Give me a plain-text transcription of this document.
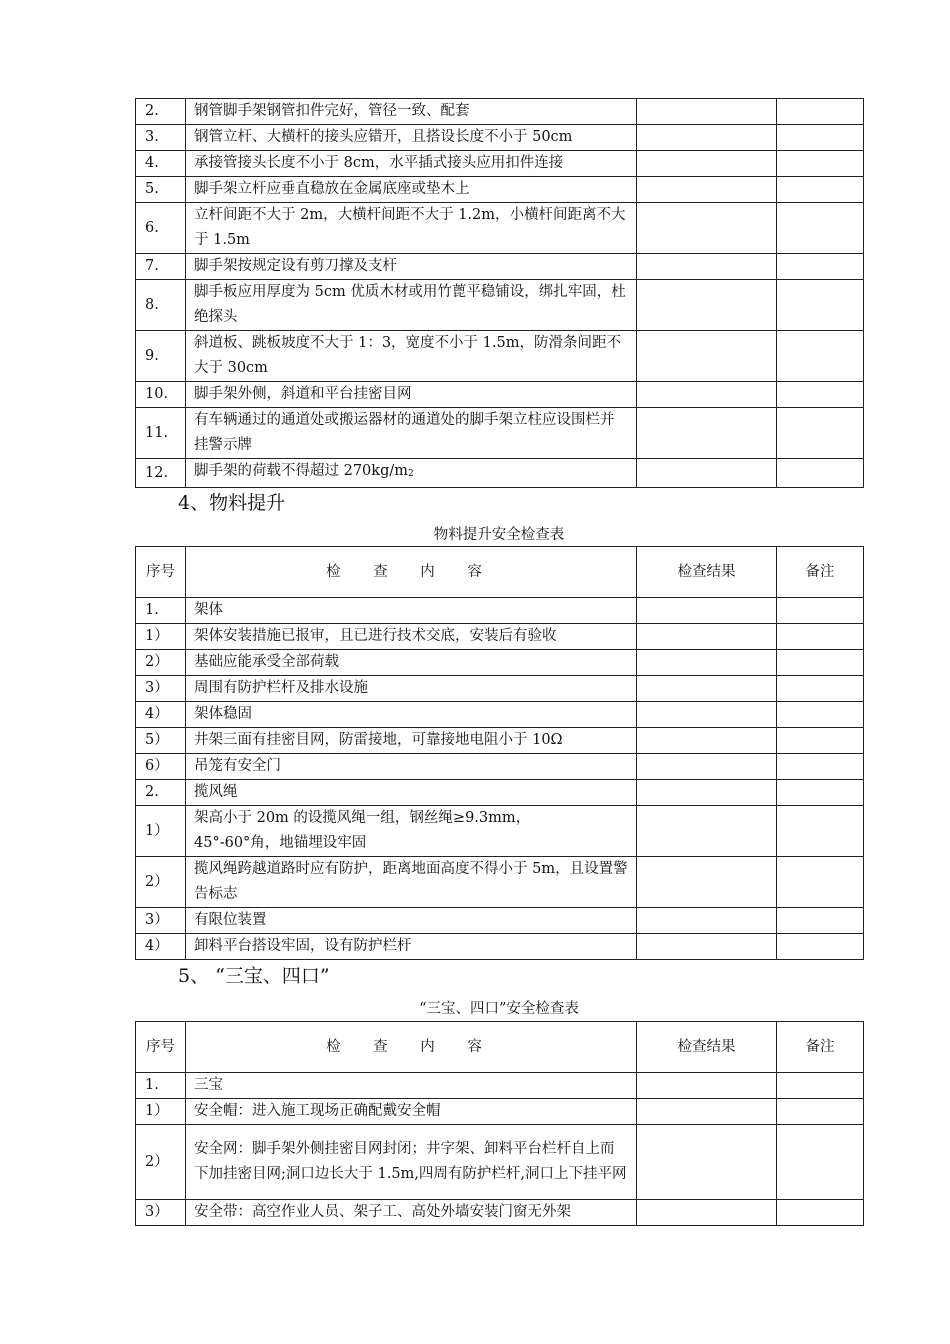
2.	钢管脚手架钢管扣件完好，管径一致、配套		
3.	钢管立杆、大横杆的接头应错开，且搭设长度不小于 50cm		
4.	承接管接头长度不小于 8cm，水平插式接头应用扣件连接		
5.	脚手架立杆应垂直稳放在金属底座或垫木上		
6.	立杆间距不大于 2m，大横杆间距不大于 1.2m，小横杆间距离不大于 1.5m		
7.	脚手架按规定设有剪刀撑及支杆		
8.	脚手板应用厚度为 5cm 优质木材或用竹蓖平稳铺设，绑扎牢固，杜绝探头		
9.	斜道板、跳板坡度不大于 1：3，宽度不小于 1.5m，防滑条间距不大于 30cm		
10.	脚手架外侧，斜道和平台挂密目网		
11.	有车辆通过的通道处或搬运器材的通道处的脚手架立柱应设围栏并挂警示牌		
12.	脚手架的荷载不得超过 $270kg/m_2$		
4、物料提升
物料提升安全检查表
序号	检 查 内 容	检查结果	备注
1.	架体		
1）	架体安装措施已报审，且已进行技术交底，安装后有验收		
2）	基础应能承受全部荷载		
3）	周围有防护栏杆及排水设施		
4）	架体稳固		
5）	井架三面有挂密目网，防雷接地，可靠接地电阻小于 10Ω		
6）	吊笼有安全门		
2.	揽风绳		
1）	架高小于 20m 的设揽风绳一组，钢丝绳≥9.3mm，
45°-60°角，地锚埋设牢固		
2）	揽风绳跨越道路时应有防护，距离地面高度不得小于 5m，且设置警告标志		
3）	有限位装置		
4）	卸料平台搭设牢固，设有防护栏杆		
5、 “三宝、四口”
“三宝、四口”安全检查表
序号	检 查 内 容	检查结果	备注
1.	三宝		
1）	安全帽：进入施工现场正确配戴安全帽		
2）	安全网：脚手架外侧挂密目网封闭；井字架、卸料平台栏杆自上而下加挂密目网;洞口边长大于 1.5m,四周有防护栏杆,洞口上下挂平网		
3）	安全带：高空作业人员、架子工、高处外墙安装门窗无外架		
